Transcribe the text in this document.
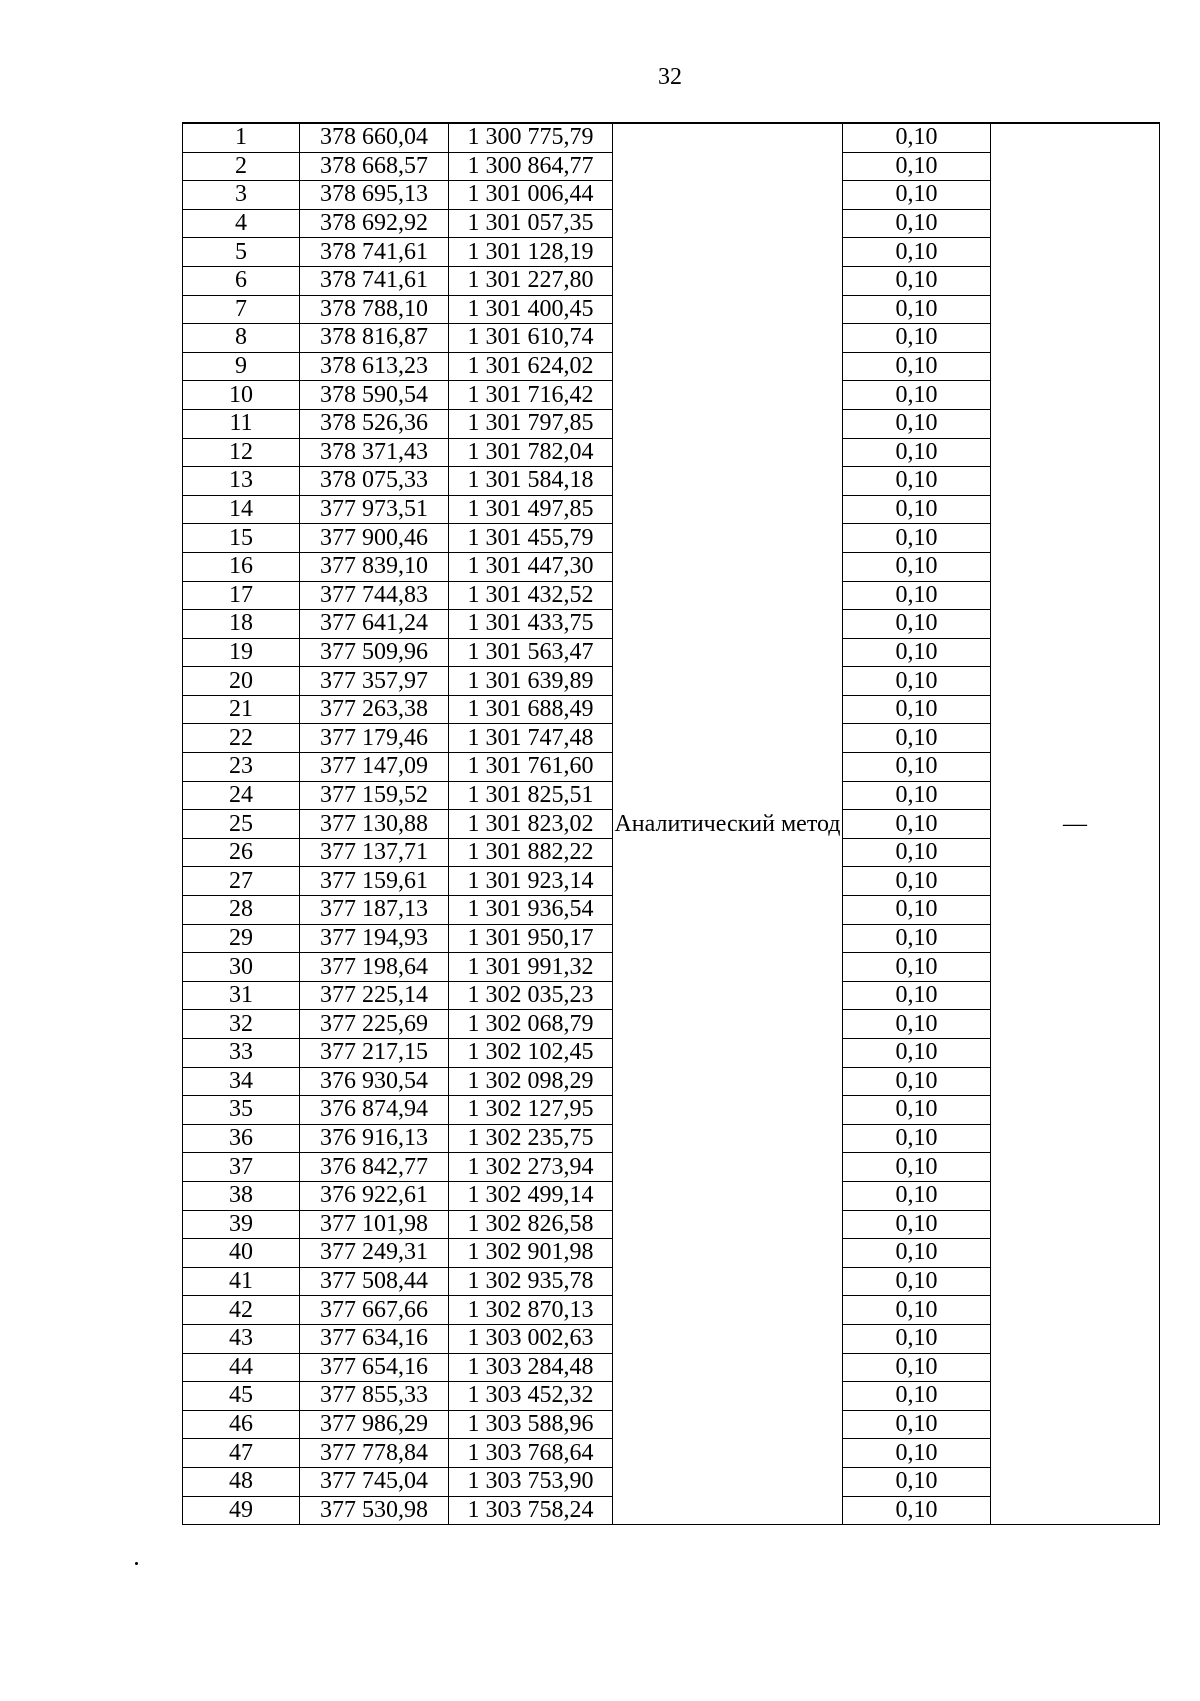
32
1	378 660,04	1 300 775,79	Аналитический метод	0,10	—
2	378 668,57	1 300 864,77		0,10	
3	378 695,13	1 301 006,44		0,10	
4	378 692,92	1 301 057,35		0,10	
5	378 741,61	1 301 128,19		0,10	
6	378 741,61	1 301 227,80		0,10	
7	378 788,10	1 301 400,45		0,10	
8	378 816,87	1 301 610,74		0,10	
9	378 613,23	1 301 624,02		0,10	
10	378 590,54	1 301 716,42		0,10	
11	378 526,36	1 301 797,85		0,10	
12	378 371,43	1 301 782,04		0,10	
13	378 075,33	1 301 584,18		0,10	
14	377 973,51	1 301 497,85		0,10	
15	377 900,46	1 301 455,79		0,10	
16	377 839,10	1 301 447,30		0,10	
17	377 744,83	1 301 432,52		0,10	
18	377 641,24	1 301 433,75		0,10	
19	377 509,96	1 301 563,47		0,10	
20	377 357,97	1 301 639,89		0,10	
21	377 263,38	1 301 688,49		0,10	
22	377 179,46	1 301 747,48		0,10	
23	377 147,09	1 301 761,60		0,10	
24	377 159,52	1 301 825,51		0,10	
25	377 130,88	1 301 823,02		0,10	
26	377 137,71	1 301 882,22		0,10	
27	377 159,61	1 301 923,14		0,10	
28	377 187,13	1 301 936,54		0,10	
29	377 194,93	1 301 950,17		0,10	
30	377 198,64	1 301 991,32		0,10	
31	377 225,14	1 302 035,23		0,10	
32	377 225,69	1 302 068,79		0,10	
33	377 217,15	1 302 102,45		0,10	
34	376 930,54	1 302 098,29		0,10	
35	376 874,94	1 302 127,95		0,10	
36	376 916,13	1 302 235,75		0,10	
37	376 842,77	1 302 273,94		0,10	
38	376 922,61	1 302 499,14		0,10	
39	377 101,98	1 302 826,58		0,10	
40	377 249,31	1 302 901,98		0,10	
41	377 508,44	1 302 935,78		0,10	
42	377 667,66	1 302 870,13		0,10	
43	377 634,16	1 303 002,63		0,10	
44	377 654,16	1 303 284,48		0,10	
45	377 855,33	1 303 452,32		0,10	
46	377 986,29	1 303 588,96		0,10	
47	377 778,84	1 303 768,64		0,10	
48	377 745,04	1 303 753,90		0,10	
49	377 530,98	1 303 758,24		0,10	
